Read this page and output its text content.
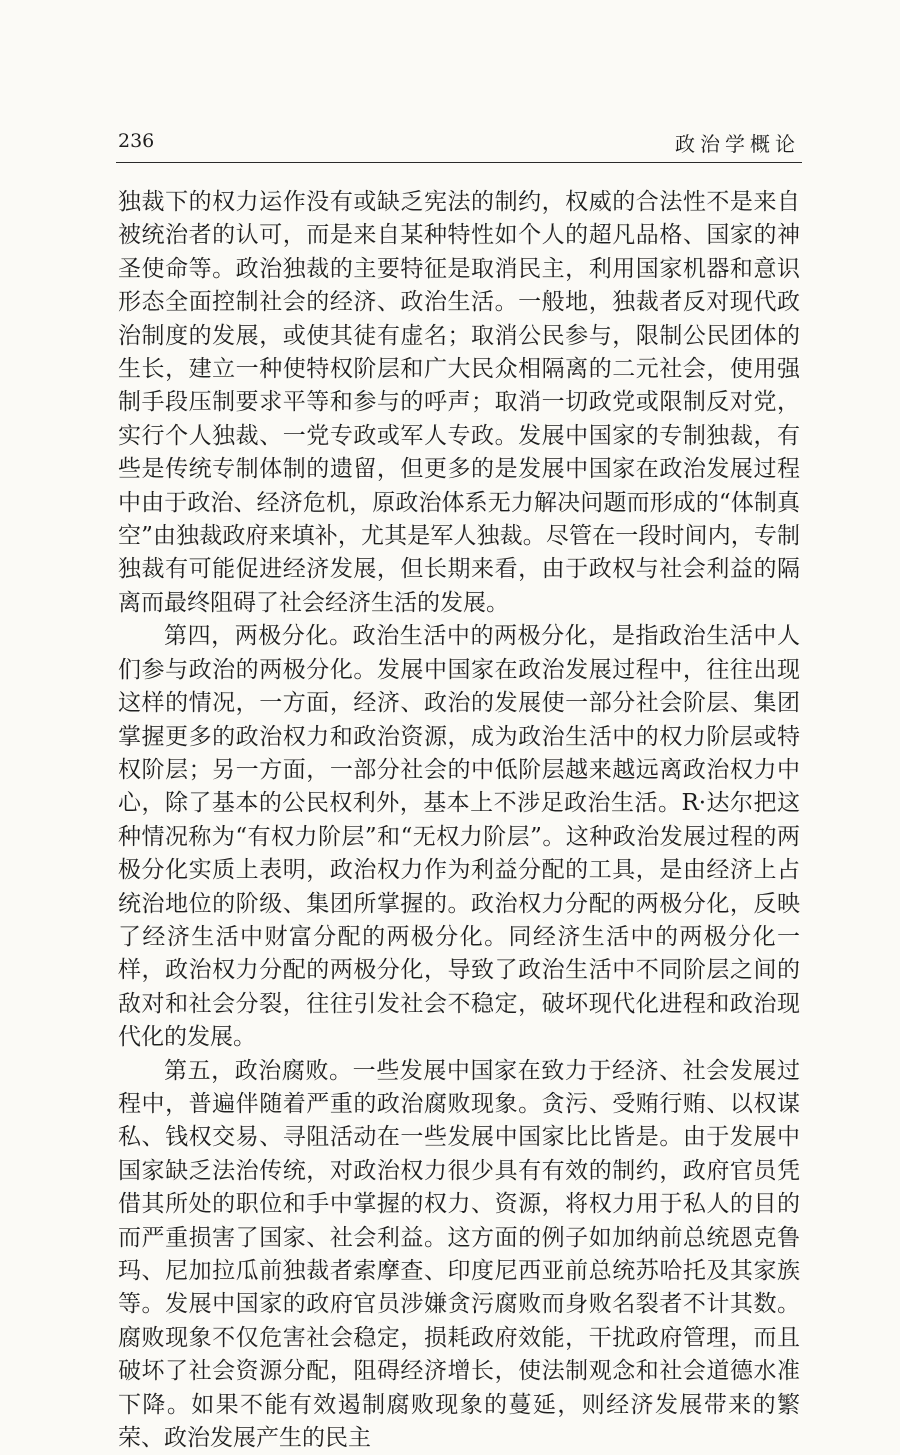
236	政治学概论

独裁下的权力运作没有或缺乏宪法的制约，权威的合法性不是来自被统治者的认可，而是来自某种特性如个人的超凡品格、国家的神圣使命等。政治独裁的主要特征是取消民主，利用国家机器和意识形态全面控制社会的经济、政治生活。一般地，独裁者反对现代政治制度的发展，或使其徒有虚名；取消公民参与，限制公民团体的生长，建立一种使特权阶层和广大民众相隔离的二元社会，使用强制手段压制要求平等和参与的呼声；取消一切政党或限制反对党，实行个人独裁、一党专政或军人专政。发展中国家的专制独裁，有些是传统专制体制的遗留，但更多的是发展中国家在政治发展过程中由于政治、经济危机，原政治体系无力解决问题而形成的“体制真空”由独裁政府来填补，尤其是军人独裁。尽管在一段时间内，专制独裁有可能促进经济发展，但长期来看，由于政权与社会利益的隔离而最终阻碍了社会经济生活的发展。

第四，两极分化。政治生活中的两极分化，是指政治生活中人们参与政治的两极分化。发展中国家在政治发展过程中，往往出现这样的情况，一方面，经济、政治的发展使一部分社会阶层、集团掌握更多的政治权力和政治资源，成为政治生活中的权力阶层或特权阶层；另一方面，一部分社会的中低阶层越来越远离政治权力中心，除了基本的公民权利外，基本上不涉足政治生活。R·达尔把这种情况称为“有权力阶层”和“无权力阶层”。这种政治发展过程的两极分化实质上表明，政治权力作为利益分配的工具，是由经济上占统治地位的阶级、集团所掌握的。政治权力分配的两极分化，反映了经济生活中财富分配的两极分化。同经济生活中的两极分化一样，政治权力分配的两极分化，导致了政治生活中不同阶层之间的敌对和社会分裂，往往引发社会不稳定，破坏现代化进程和政治现代化的发展。

第五，政治腐败。一些发展中国家在致力于经济、社会发展过程中，普遍伴随着严重的政治腐败现象。贪污、受贿行贿、以权谋私、钱权交易、寻阻活动在一些发展中国家比比皆是。由于发展中国家缺乏法治传统，对政治权力很少具有有效的制约，政府官员凭借其所处的职位和手中掌握的权力、资源，将权力用于私人的目的而严重损害了国家、社会利益。这方面的例子如加纳前总统恩克鲁玛、尼加拉瓜前独裁者索摩查、印度尼西亚前总统苏哈托及其家族等。发展中国家的政府官员涉嫌贪污腐败而身败名裂者不计其数。腐败现象不仅危害社会稳定，损耗政府效能，干扰政府管理，而且破坏了社会资源分配，阻碍经济增长，使法制观念和社会道德水准下降。如果不能有效遏制腐败现象的蔓延，则经济发展带来的繁荣、政治发展产生的民主
